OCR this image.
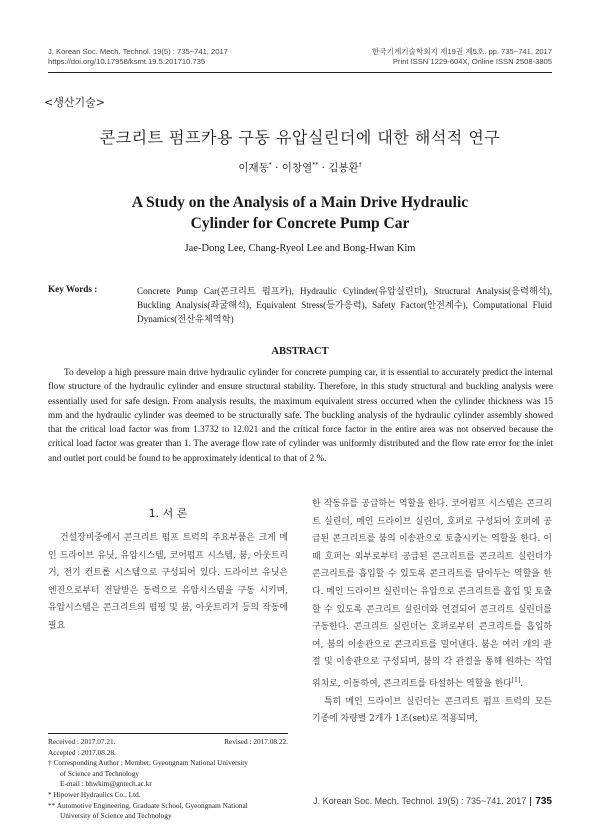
J. Korean Soc. Mech. Technol. 19(5) : 735~741, 2017
https://doi.org/10.17958/ksmt.19.5.201710.735
한국기계기술학회지 제19권 제5호. pp. 735~741, 2017
Print ISSN 1229-604X, Online ISSN 2508-3805
<생산기술>
콘크리트 펌프카용 구동 유압실린더에 대한 해석적 연구
이재동* · 이창열** · 김봉환†
A Study on the Analysis of a Main Drive Hydraulic
Cylinder for Concrete Pump Car
Jae-Dong Lee, Chang-Ryeol Lee and Bong-Hwan Kim
Key Words :	Concrete Pump Car(콘크리트 펌프카), Hydraulic Cylinder(유압실린더), Structural Analysis(응력해석), Buckling Analysis(좌굴해석), Equivalent Stress(등가응력), Safety Factor(안전계수), Computational Fluid Dynamics(전산유체역학)
ABSTRACT
To develop a high pressure main drive hydraulic cylinder for concrete pumping car, it is essential to accurately predict the internal flow structure of the hydraulic cylinder and ensure structural stability. Therefore, in this study structural and buckling analysis were essentially used for safe design. From analysis results, the maximum equivalent stress occurred when the cylinder thickness was 15 mm and the hydraulic cylinder was deemed to be structurally safe. The buckling analysis of the hydraulic cylinder assembly showed that the critical load factor was from 1.3732 to 12.021 and the critical force factor in the entire area was not observed because the critical load factor was greater than 1. The average flow rate of cylinder was uniformly distributed and the flow rate error for the inlet and outlet port could be found to be approximately identical to that of 2 %.
1. 서 론
건설장비중에서 콘크리트 펌프 트럭의 주요부품은 크게 메인 드라이브 유닛, 유압시스템, 코어펌프 시스템, 붐, 아웃트리거, 전기 컨트롤 시스템으로 구성되어 있다. 드라이브 유닛은 엔진으로부터 전달받은 동력으로 유압시스템을 구동 시키며, 유압시스템은 콘크리트의 펌핑 및 붐, 아웃트리거 등의 작동에 필요

한 작동유를 공급하는 역할을 한다. 코어펌프 시스템은 콘크리트 실린더, 메인 드라이브 실린더, 호퍼로 구성되어 호퍼에 공급된 콘크리트를 붐의 이송관으로 토출시키는 역할을 한다. 이때 호퍼는 외부로부터 공급된 콘크리트를 콘크리트 실린더가 콘크리트를 흡입할 수 있도록 콘크리트를 담아두는 역할을 한다. 메인 드라이브 실린더는 유압으로 콘크리트를 흡입 및 토출할 수 있도록 콘크리트 실린더와 연결되어 콘크리트 실린더를 구동한다. 콘크리트 실린더는 호퍼로부터 콘크리트를 흡입하여, 붐의 이송관으로 콘크리트를 밀어낸다. 붐은 여러 개의 관절 및 이송관으로 구성되며, 붐의 각 관절을 통해 원하는 작업 위치로, 이동하여, 콘크리트를 타설하는 역할을 한다[1].

특히 메인 드라이브 실린더는 콘크리트 펌프 트럭의 모든 기종에 차량별 2개가 1조(set)로 적용되며,

Received : 2017.07.21.	Revised : 2017.08.22.
Accepted : 2017.08.28.
† Corresponding Author ; Member, Gyeongnam National University
of Science and Technology
E-mail : bhwkim@gntech.ac.kr
* Hipower Hydraulics Co., Ltd.
** Automotive Engineering, Graduate School, Gyeongnam National
University of Science and Technology
J. Korean Soc. Mech. Technol. 19(5) : 735~741. 2017 735
